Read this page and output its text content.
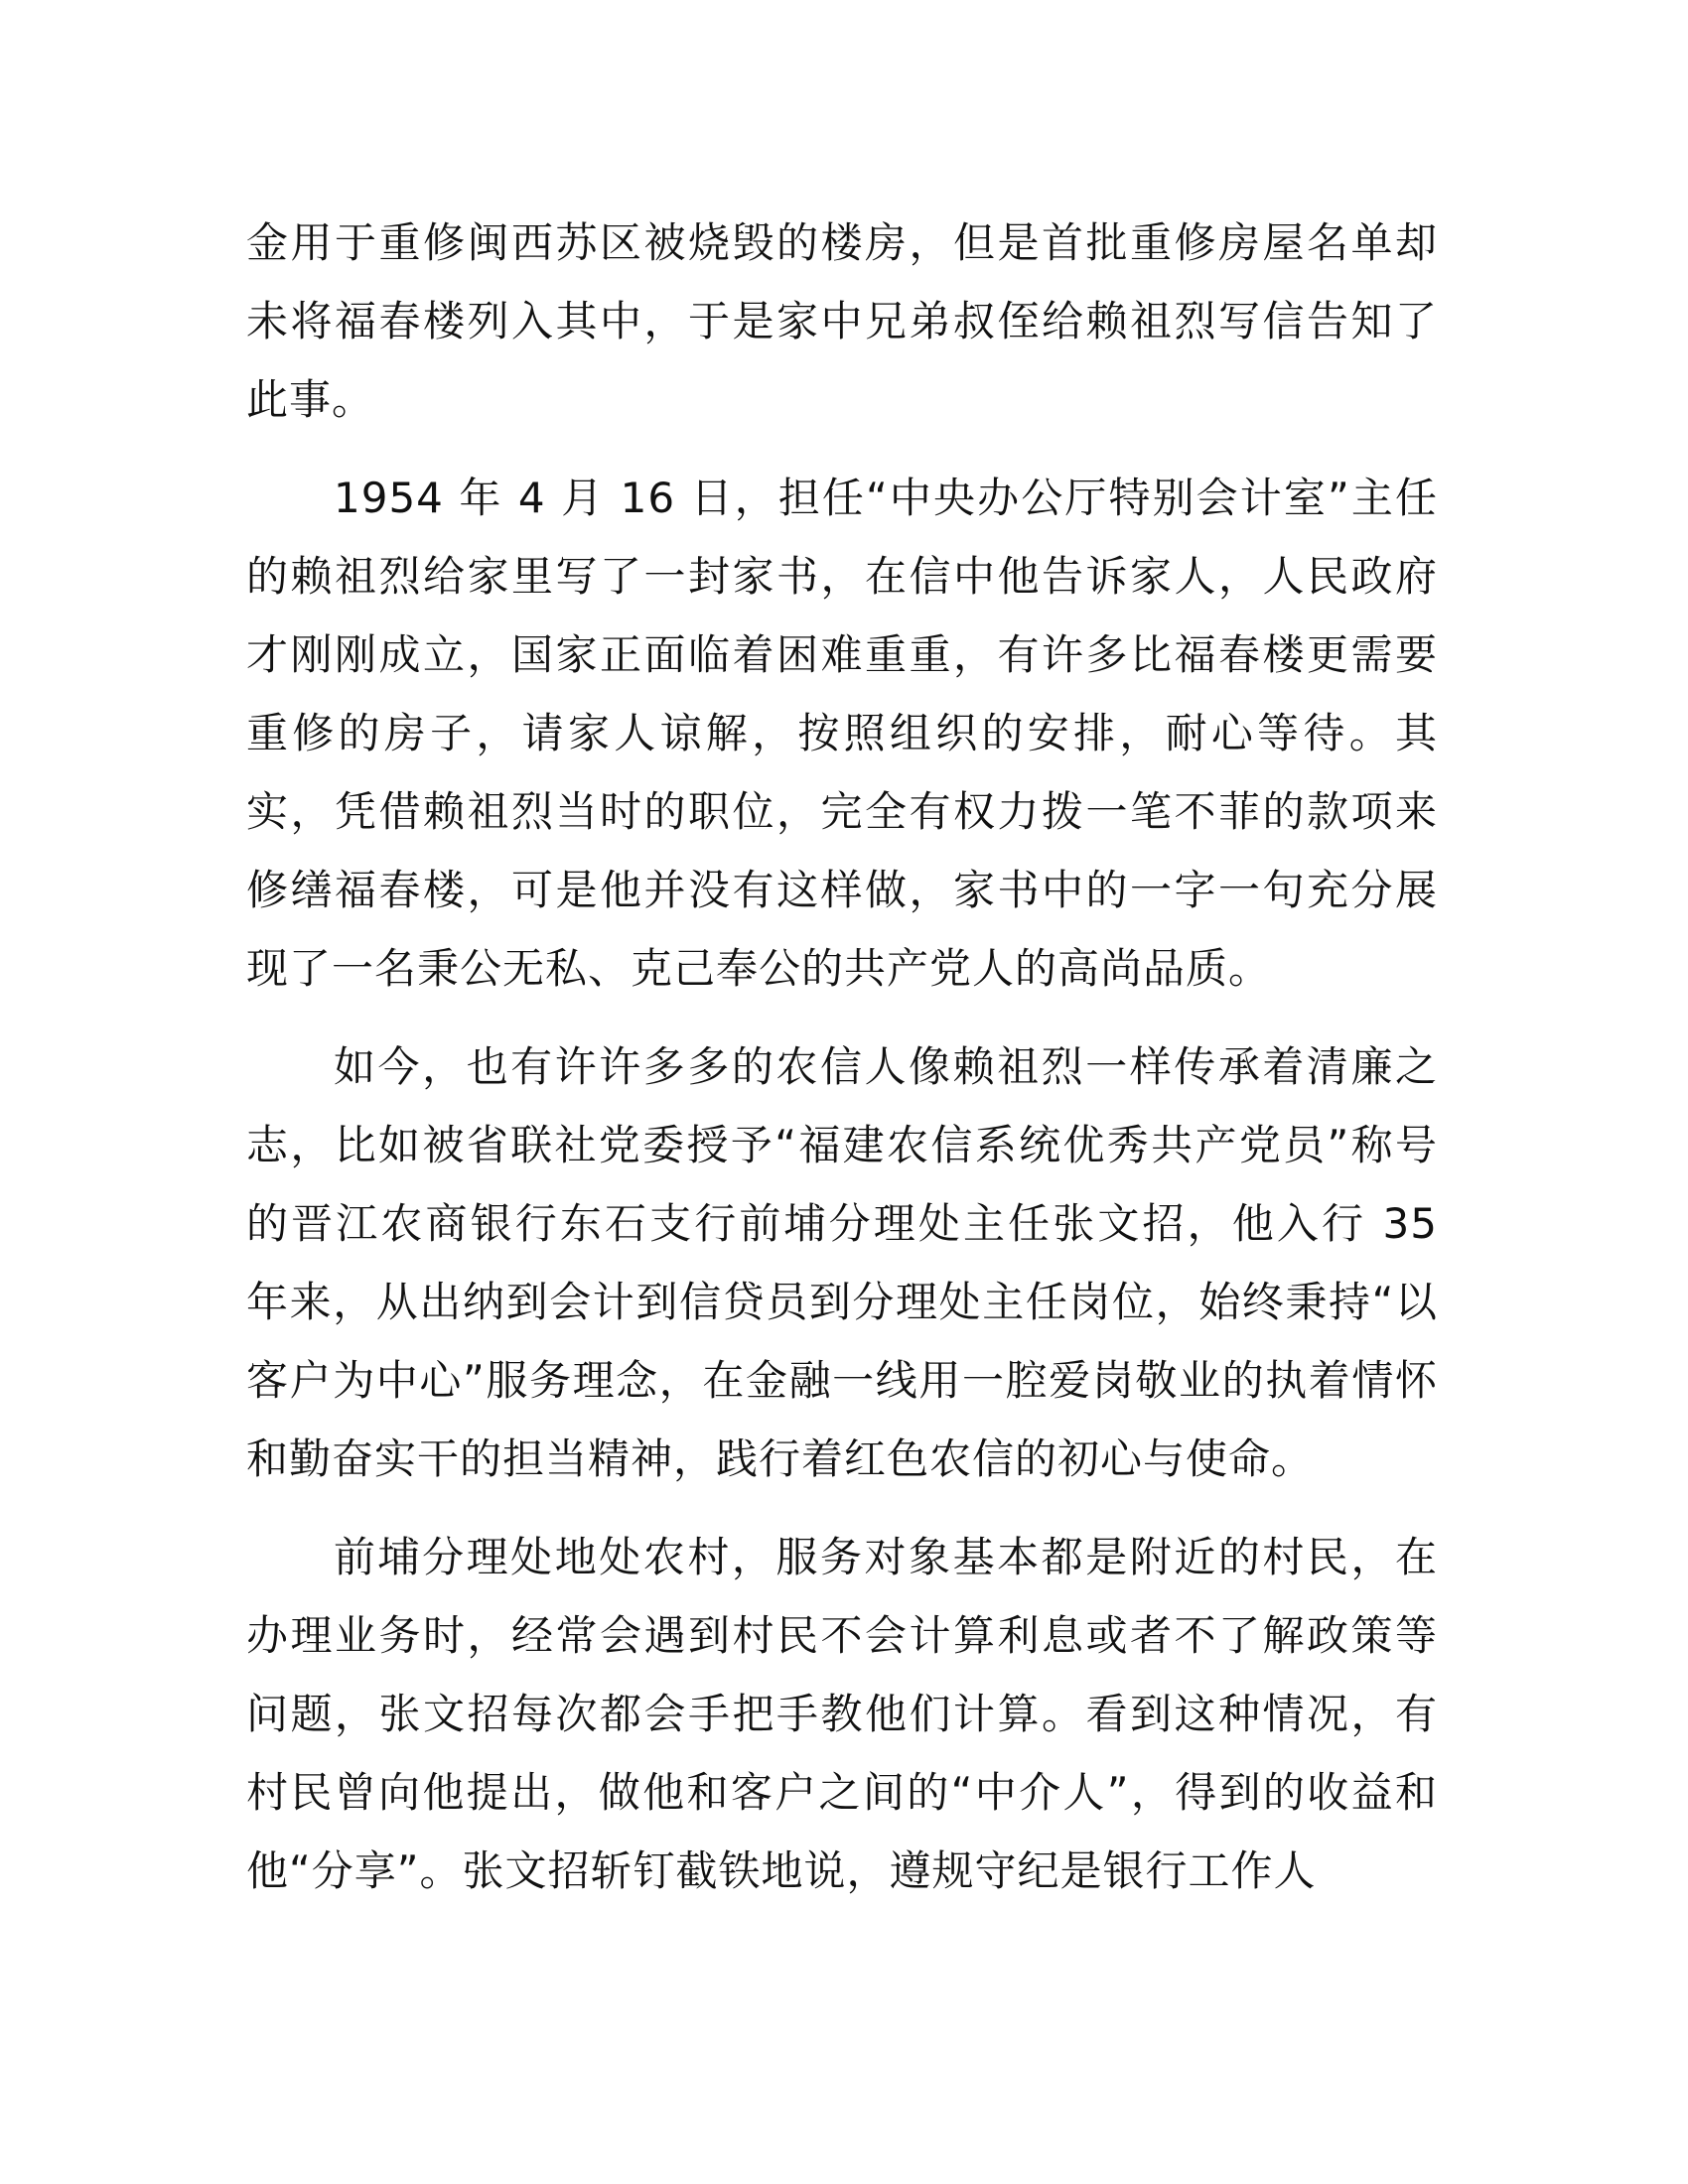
金用于重修闽西苏区被烧毁的楼房，但是首批重修房屋名单却未将福春楼列入其中，于是家中兄弟叔侄给赖祖烈写信告知了此事。

1954 年 4 月 16 日，担任“中央办公厅特别会计室”主任的赖祖烈给家里写了一封家书，在信中他告诉家人，人民政府才刚刚成立，国家正面临着困难重重，有许多比福春楼更需要重修的房子，请家人谅解，按照组织的安排，耐心等待。其实，凭借赖祖烈当时的职位，完全有权力拨一笔不菲的款项来修缮福春楼，可是他并没有这样做，家书中的一字一句充分展现了一名秉公无私、克己奉公的共产党人的高尚品质。

如今，也有许许多多的农信人像赖祖烈一样传承着清廉之志，比如被省联社党委授予“福建农信系统优秀共产党员”称号的晋江农商银行东石支行前埔分理处主任张文招，他入行 35 年来，从出纳到会计到信贷员到分理处主任岗位，始终秉持“以客户为中心”服务理念，在金融一线用一腔爱岗敬业的执着情怀和勤奋实干的担当精神，践行着红色农信的初心与使命。

前埔分理处地处农村，服务对象基本都是附近的村民，在办理业务时，经常会遇到村民不会计算利息或者不了解政策等问题，张文招每次都会手把手教他们计算。看到这种情况，有村民曾向他提出，做他和客户之间的“中介人”，得到的收益和他“分享”。张文招斩钉截铁地说，遵规守纪是银行工作人
